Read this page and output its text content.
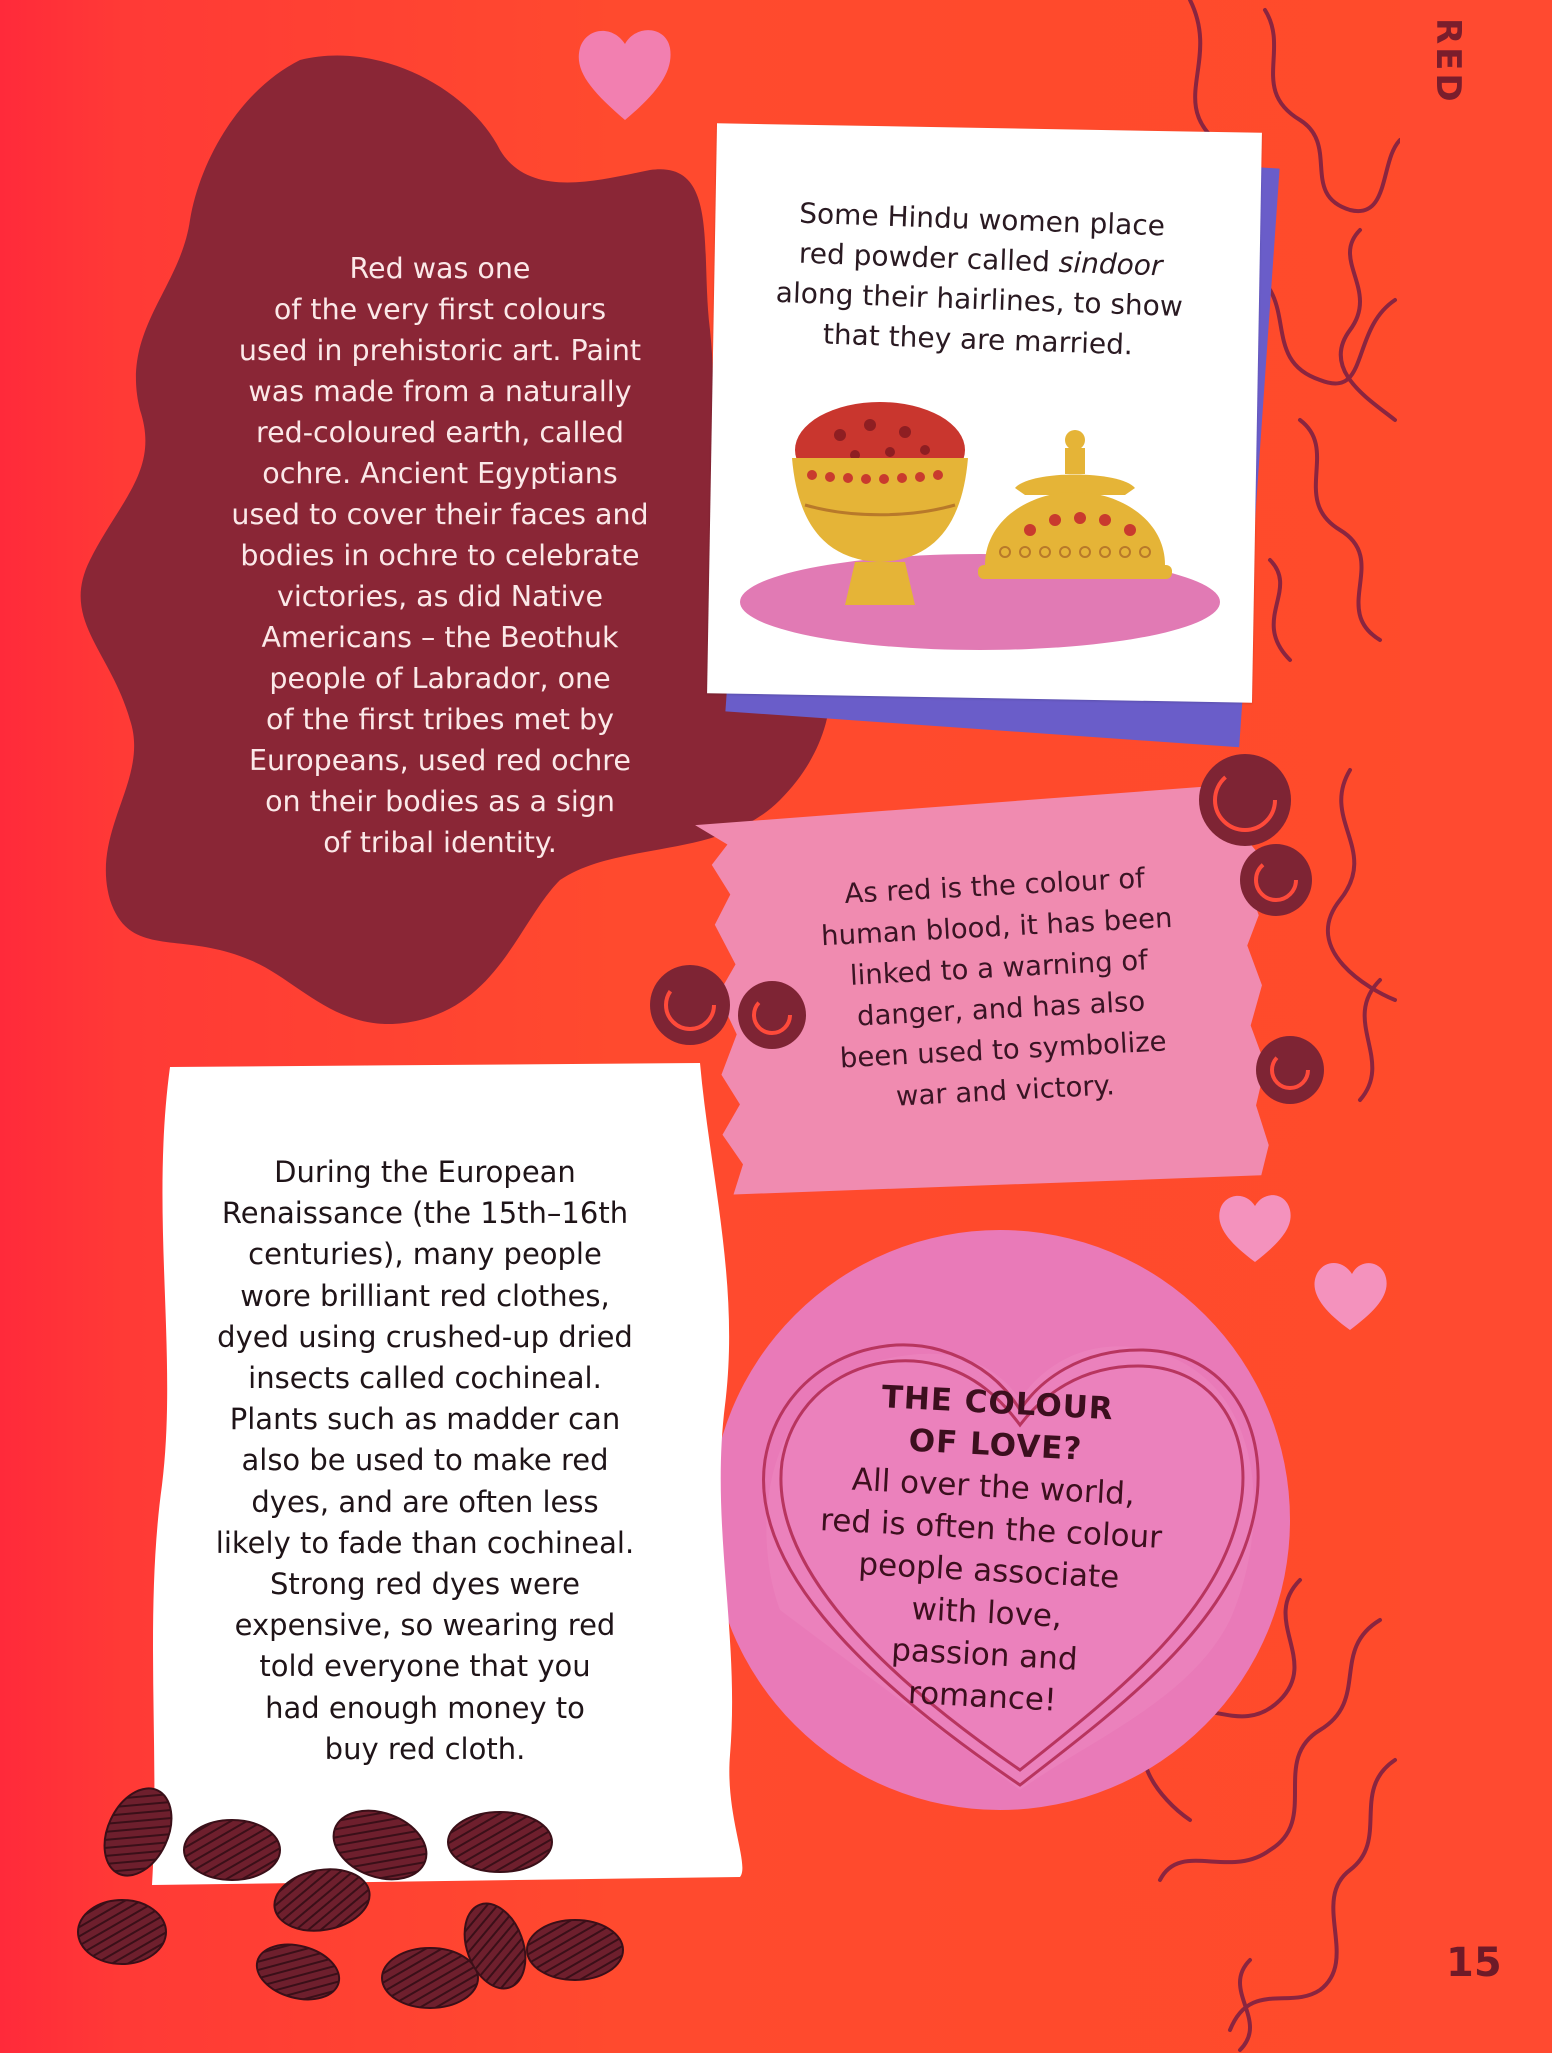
RED
15
Some Hindu women place
red powder called sindoor
along their hairlines, to show
that they are married.
Red was one
of the very first colours
used in prehistoric art. Paint
was made from a naturally
red-coloured earth, called
ochre. Ancient Egyptians
used to cover their faces and
bodies in ochre to celebrate
victories, as did Native
Americans – the Beothuk
people of Labrador, one
of the first tribes met by
Europeans, used red ochre
on their bodies as a sign
of tribal identity.
As red is the colour of
human blood, it has been
linked to a warning of
danger, and has also
been used to symbolize
war and victory.
THE COLOUR
OF LOVE?
All over the world,
red is often the colour
people associate
with love,
passion and
romance!
During the European
Renaissance (the 15th–16th
centuries), many people
wore brilliant red clothes,
dyed using crushed-up dried
insects called cochineal.
Plants such as madder can
also be used to make red
dyes, and are often less
likely to fade than cochineal.
Strong red dyes were
expensive, so wearing red
told everyone that you
had enough money to
buy red cloth.
